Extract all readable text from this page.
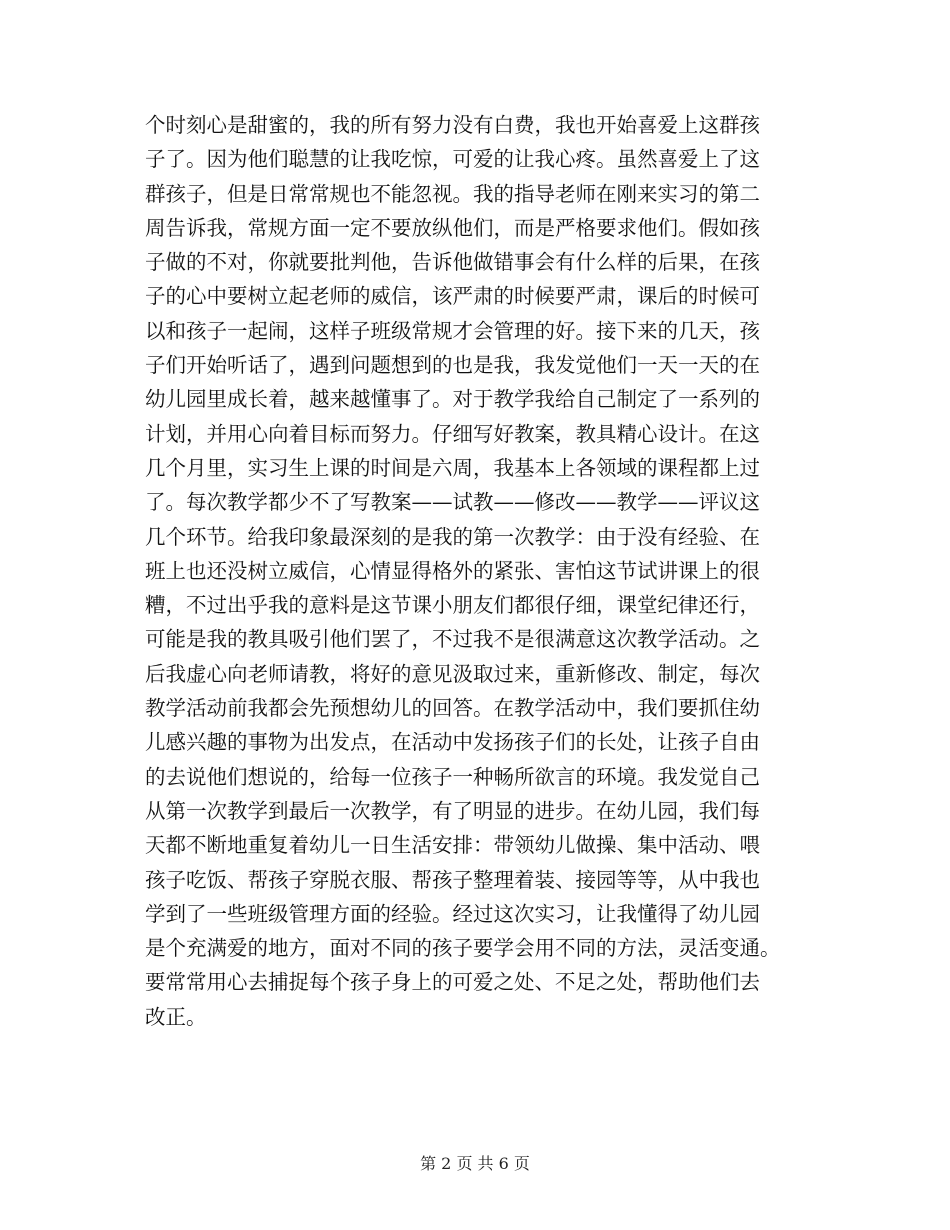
个时刻心是甜蜜的，我的所有努力没有白费，我也开始喜爱上这群孩
子了。因为他们聪慧的让我吃惊，可爱的让我心疼。虽然喜爱上了这
群孩子，但是日常常规也不能忽视。我的指导老师在刚来实习的第二
周告诉我，常规方面一定不要放纵他们，而是严格要求他们。假如孩
子做的不对，你就要批判他，告诉他做错事会有什么样的后果，在孩
子的心中要树立起老师的威信，该严肃的时候要严肃，课后的时候可
以和孩子一起闹，这样子班级常规才会管理的好。接下来的几天，孩
子们开始听话了，遇到问题想到的也是我，我发觉他们一天一天的在
幼儿园里成长着，越来越懂事了。对于教学我给自己制定了一系列的
计划，并用心向着目标而努力。仔细写好教案，教具精心设计。在这
几个月里，实习生上课的时间是六周，我基本上各领域的课程都上过
了。每次教学都少不了写教案——试教——修改——教学——评议这
几个环节。给我印象最深刻的是我的第一次教学：由于没有经验、在
班上也还没树立威信，心情显得格外的紧张、害怕这节试讲课上的很
糟，不过出乎我的意料是这节课小朋友们都很仔细，课堂纪律还行，
可能是我的教具吸引他们罢了，不过我不是很满意这次教学活动。之
后我虚心向老师请教，将好的意见汲取过来，重新修改、制定，每次
教学活动前我都会先预想幼儿的回答。在教学活动中，我们要抓住幼
儿感兴趣的事物为出发点，在活动中发扬孩子们的长处，让孩子自由
的去说他们想说的，给每一位孩子一种畅所欲言的环境。我发觉自己
从第一次教学到最后一次教学，有了明显的进步。在幼儿园，我们每
天都不断地重复着幼儿一日生活安排：带领幼儿做操、集中活动、喂
孩子吃饭、帮孩子穿脱衣服、帮孩子整理着装、接园等等，从中我也
学到了一些班级管理方面的经验。经过这次实习，让我懂得了幼儿园
是个充满爱的地方，面对不同的孩子要学会用不同的方法，灵活变通。
要常常用心去捕捉每个孩子身上的可爱之处、不足之处，帮助他们去
改正。
第 2 页 共 6 页
